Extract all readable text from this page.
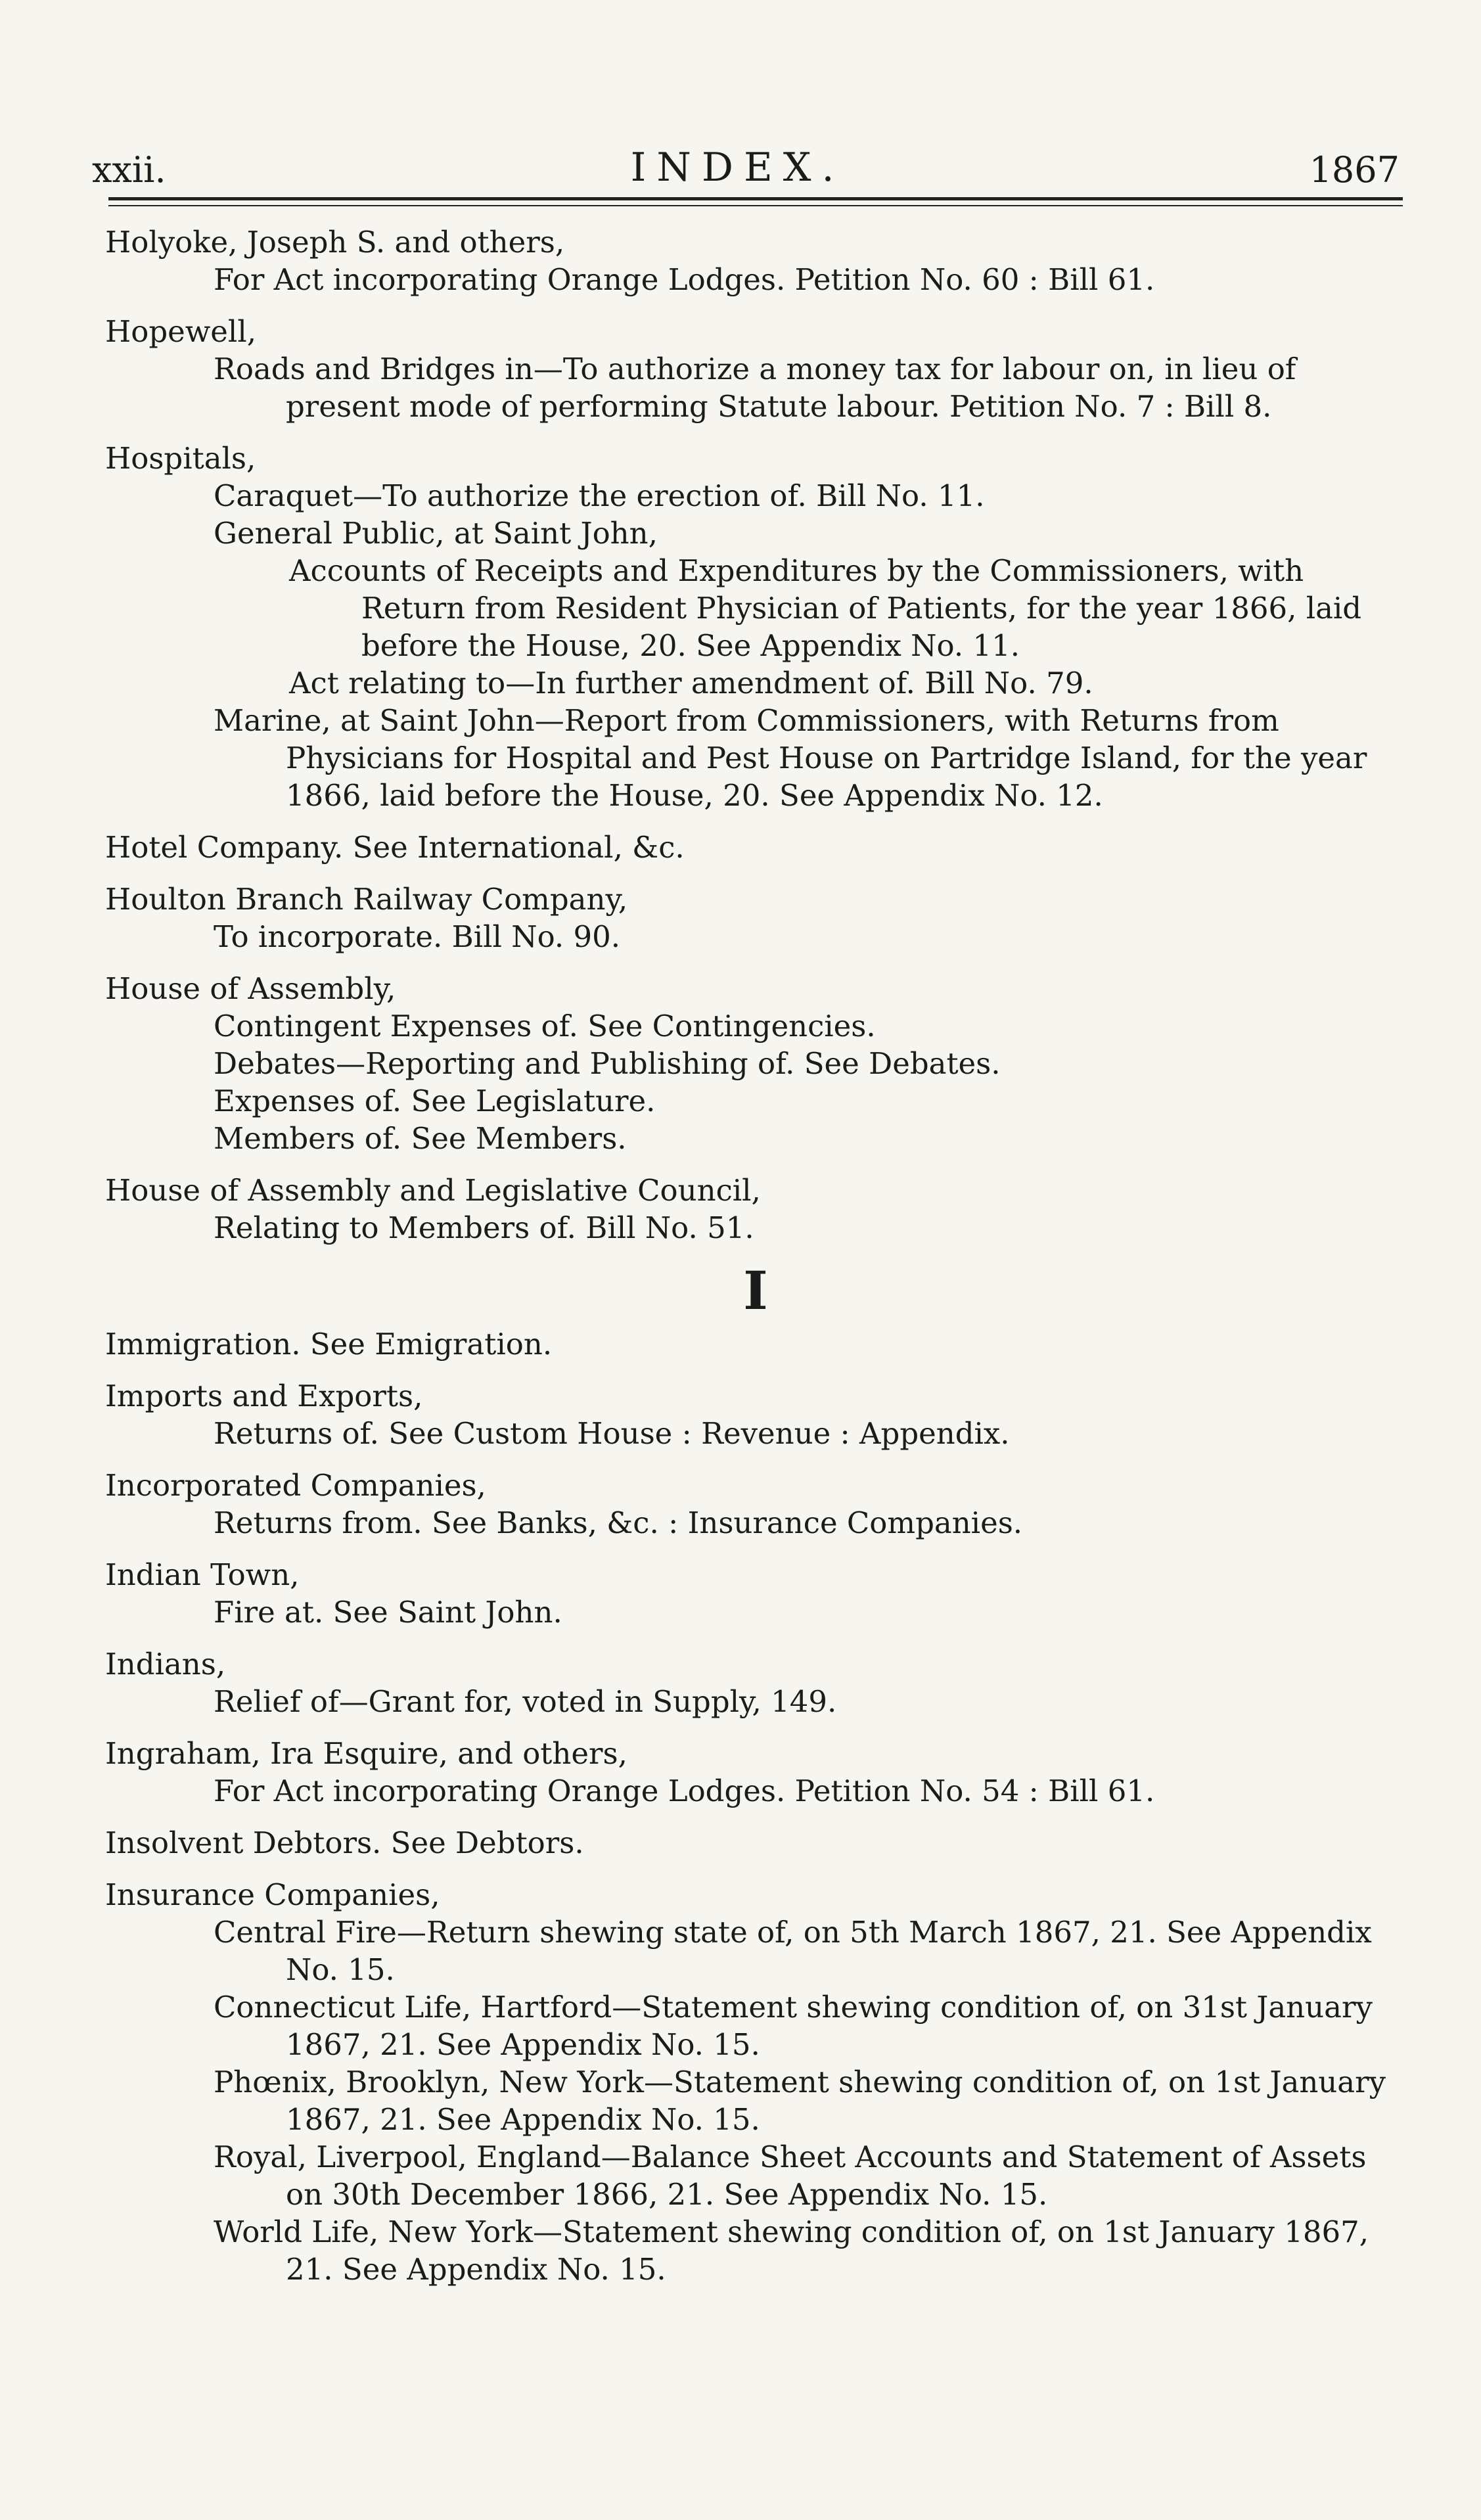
xxii.	INDEX.	1867
Holyoke, Joseph S. and others,
For Act incorporating Orange Lodges. Petition No. 60 : Bill 61.
Hopewell,
Roads and Bridges in—To authorize a money tax for labour on, in lieu of present mode of performing Statute labour. Petition No. 7 : Bill 8.
Hospitals,
Caraquet—To authorize the erection of. Bill No. 11.
General Public, at Saint John,
Accounts of Receipts and Expenditures by the Commissioners, with Return from Resident Physician of Patients, for the year 1866, laid before the House, 20. See Appendix No. 11.
Act relating to—In further amendment of. Bill No. 79.
Marine, at Saint John—Report from Commissioners, with Returns from Physicians for Hospital and Pest House on Partridge Island, for the year 1866, laid before the House, 20. See Appendix No. 12.
Hotel Company. See International, &c.
Houlton Branch Railway Company,
To incorporate. Bill No. 90.
House of Assembly,
Contingent Expenses of. See Contingencies.
Debates—Reporting and Publishing of. See Debates.
Expenses of. See Legislature.
Members of. See Members.
House of Assembly and Legislative Council,
Relating to Members of. Bill No. 51.
I
Immigration. See Emigration.
Imports and Exports,
Returns of. See Custom House : Revenue : Appendix.
Incorporated Companies,
Returns from. See Banks, &c. : Insurance Companies.
Indian Town,
Fire at. See Saint John.
Indians,
Relief of—Grant for, voted in Supply, 149.
Ingraham, Ira Esquire, and others,
For Act incorporating Orange Lodges. Petition No. 54 : Bill 61.
Insolvent Debtors. See Debtors.
Insurance Companies,
Central Fire—Return shewing state of, on 5th March 1867, 21. See Appendix No. 15.
Connecticut Life, Hartford—Statement shewing condition of, on 31st January 1867, 21. See Appendix No. 15.
Phœnix, Brooklyn, New York—Statement shewing condition of, on 1st January 1867, 21. See Appendix No. 15.
Royal, Liverpool, England—Balance Sheet Accounts and Statement of Assets on 30th December 1866, 21. See Appendix No. 15.
World Life, New York—Statement shewing condition of, on 1st January 1867, 21. See Appendix No. 15.
